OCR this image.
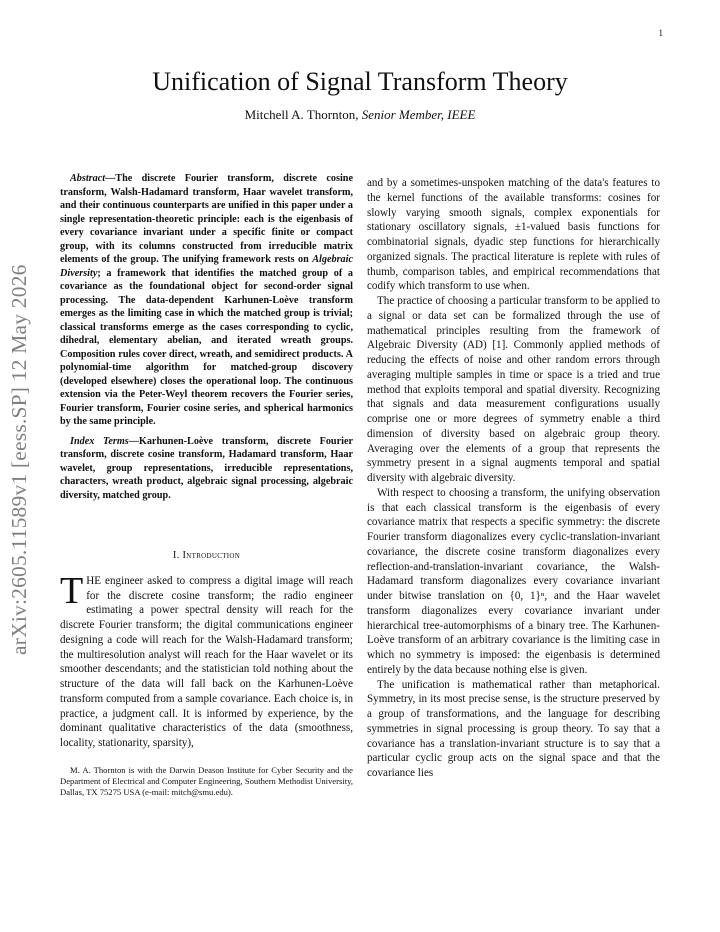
1
arXiv:2605.11589v1 [eess.SP] 12 May 2026
Unification of Signal Transform Theory
Mitchell A. Thornton, Senior Member, IEEE

Abstract—The discrete Fourier transform, discrete cosine transform, Walsh-Hadamard transform, Haar wavelet transform, and their continuous counterparts are unified in this paper under a single representation-theoretic principle: each is the eigenbasis of every covariance invariant under a specific finite or compact group, with its columns constructed from irreducible matrix elements of the group. The unifying framework rests on Algebraic Diversity; a framework that identifies the matched group of a covariance as the foundational object for second-order signal processing. The data-dependent Karhunen-Loève transform emerges as the limiting case in which the matched group is trivial; classical transforms emerge as the cases corresponding to cyclic, dihedral, elementary abelian, and iterated wreath groups. Composition rules cover direct, wreath, and semidirect products. A polynomial-time algorithm for matched-group discovery (developed elsewhere) closes the operational loop. The continuous extension via the Peter-Weyl theorem recovers the Fourier series, Fourier transform, Fourier cosine series, and spherical harmonics by the same principle.

Index Terms—Karhunen-Loève transform, discrete Fourier transform, discrete cosine transform, Hadamard transform, Haar wavelet, group representations, irreducible representations, characters, wreath product, algebraic signal processing, algebraic diversity, matched group.

I. Introduction

THE engineer asked to compress a digital image will reach for the discrete cosine transform; the radio engineer estimating a power spectral density will reach for the discrete Fourier transform; the digital communications engineer designing a code will reach for the Walsh-Hadamard transform; the multiresolution analyst will reach for the Haar wavelet or its smoother descendants; and the statistician told nothing about the structure of the data will fall back on the Karhunen-Loève transform computed from a sample covariance. Each choice is, in practice, a judgment call. It is informed by experience, by the dominant qualitative characteristics of the data (smoothness, locality, stationarity, sparsity),

M. A. Thornton is with the Darwin Deason Institute for Cyber Security and the Department of Electrical and Computer Engineering, Southern Methodist University, Dallas, TX 75275 USA (e-mail: mitch@smu.edu).

and by a sometimes-unspoken matching of the data's features to the kernel functions of the available transforms: cosines for slowly varying smooth signals, complex exponentials for stationary oscillatory signals, ±1-valued basis functions for combinatorial signals, dyadic step functions for hierarchically organized signals. The practical literature is replete with rules of thumb, comparison tables, and empirical recommendations that codify which transform to use when.

The practice of choosing a particular transform to be applied to a signal or data set can be formalized through the use of mathematical principles resulting from the framework of Algebraic Diversity (AD) [1]. Commonly applied methods of reducing the effects of noise and other random errors through averaging multiple samples in time or space is a tried and true method that exploits temporal and spatial diversity. Recognizing that signals and data measurement configurations usually comprise one or more degrees of symmetry enable a third dimension of diversity based on algebraic group theory. Averaging over the elements of a group that represents the symmetry present in a signal augments temporal and spatial diversity with algebraic diversity.

With respect to choosing a transform, the unifying observation is that each classical transform is the eigenbasis of every covariance matrix that respects a specific symmetry: the discrete Fourier transform diagonalizes every cyclic-translation-invariant covariance, the discrete cosine transform diagonalizes every reflection-and-translation-invariant covariance, the Walsh-Hadamard transform diagonalizes every covariance invariant under bitwise translation on {0, 1}ⁿ, and the Haar wavelet transform diagonalizes every covariance invariant under hierarchical tree-automorphisms of a binary tree. The Karhunen-Loève transform of an arbitrary covariance is the limiting case in which no symmetry is imposed: the eigenbasis is determined entirely by the data because nothing else is given.

The unification is mathematical rather than metaphorical. Symmetry, in its most precise sense, is the structure preserved by a group of transformations, and the language for describing symmetries in signal processing is group theory. To say that a covariance has a translation-invariant structure is to say that a particular cyclic group acts on the signal space and that the covariance lies
